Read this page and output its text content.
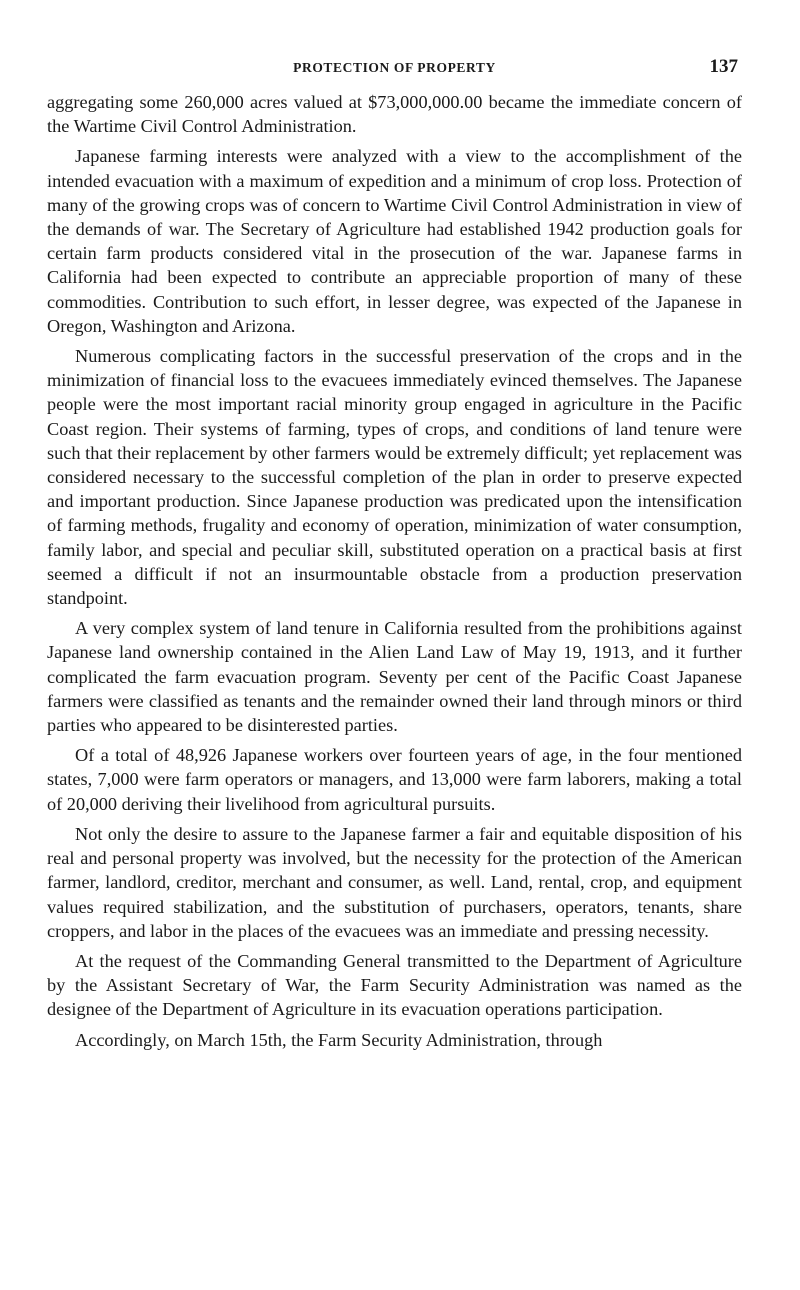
PROTECTION OF PROPERTY	137

aggregating some 260,000 acres valued at $73,000,000.00 became the immediate concern of the Wartime Civil Control Administration.

Japanese farming interests were analyzed with a view to the accomplishment of the intended evacuation with a maximum of expedition and a minimum of crop loss. Protection of many of the growing crops was of concern to Wartime Civil Control Administration in view of the demands of war. The Secretary of Agriculture had established 1942 production goals for certain farm products considered vital in the prosecution of the war. Japanese farms in California had been expected to contribute an appreciable proportion of many of these commodities. Contribution to such effort, in lesser degree, was expected of the Japanese in Oregon, Washington and Arizona.

Numerous complicating factors in the successful preservation of the crops and in the minimization of financial loss to the evacuees immediately evinced themselves. The Japanese people were the most important racial minority group engaged in agriculture in the Pacific Coast region. Their systems of farming, types of crops, and conditions of land tenure were such that their replacement by other farmers would be extremely difficult; yet replacement was considered necessary to the successful completion of the plan in order to preserve expected and important production. Since Japanese production was predicated upon the intensification of farming methods, frugality and economy of operation, minimization of water consumption, family labor, and special and peculiar skill, substituted operation on a practical basis at first seemed a difficult if not an insurmountable obstacle from a production preservation standpoint.

A very complex system of land tenure in California resulted from the prohibitions against Japanese land ownership contained in the Alien Land Law of May 19, 1913, and it further complicated the farm evacuation program. Seventy per cent of the Pacific Coast Japanese farmers were classified as tenants and the remainder owned their land through minors or third parties who appeared to be disinterested parties.

Of a total of 48,926 Japanese workers over fourteen years of age, in the four mentioned states, 7,000 were farm operators or managers, and 13,000 were farm laborers, making a total of 20,000 deriving their livelihood from agricultural pursuits.

Not only the desire to assure to the Japanese farmer a fair and equitable disposition of his real and personal property was involved, but the necessity for the protection of the American farmer, landlord, creditor, merchant and consumer, as well. Land, rental, crop, and equipment values required stabilization, and the substitution of purchasers, operators, tenants, share croppers, and labor in the places of the evacuees was an immediate and pressing necessity.

At the request of the Commanding General transmitted to the Department of Agriculture by the Assistant Secretary of War, the Farm Security Administration was named as the designee of the Department of Agriculture in its evacuation operations participation.

Accordingly, on March 15th, the Farm Security Administration, through
